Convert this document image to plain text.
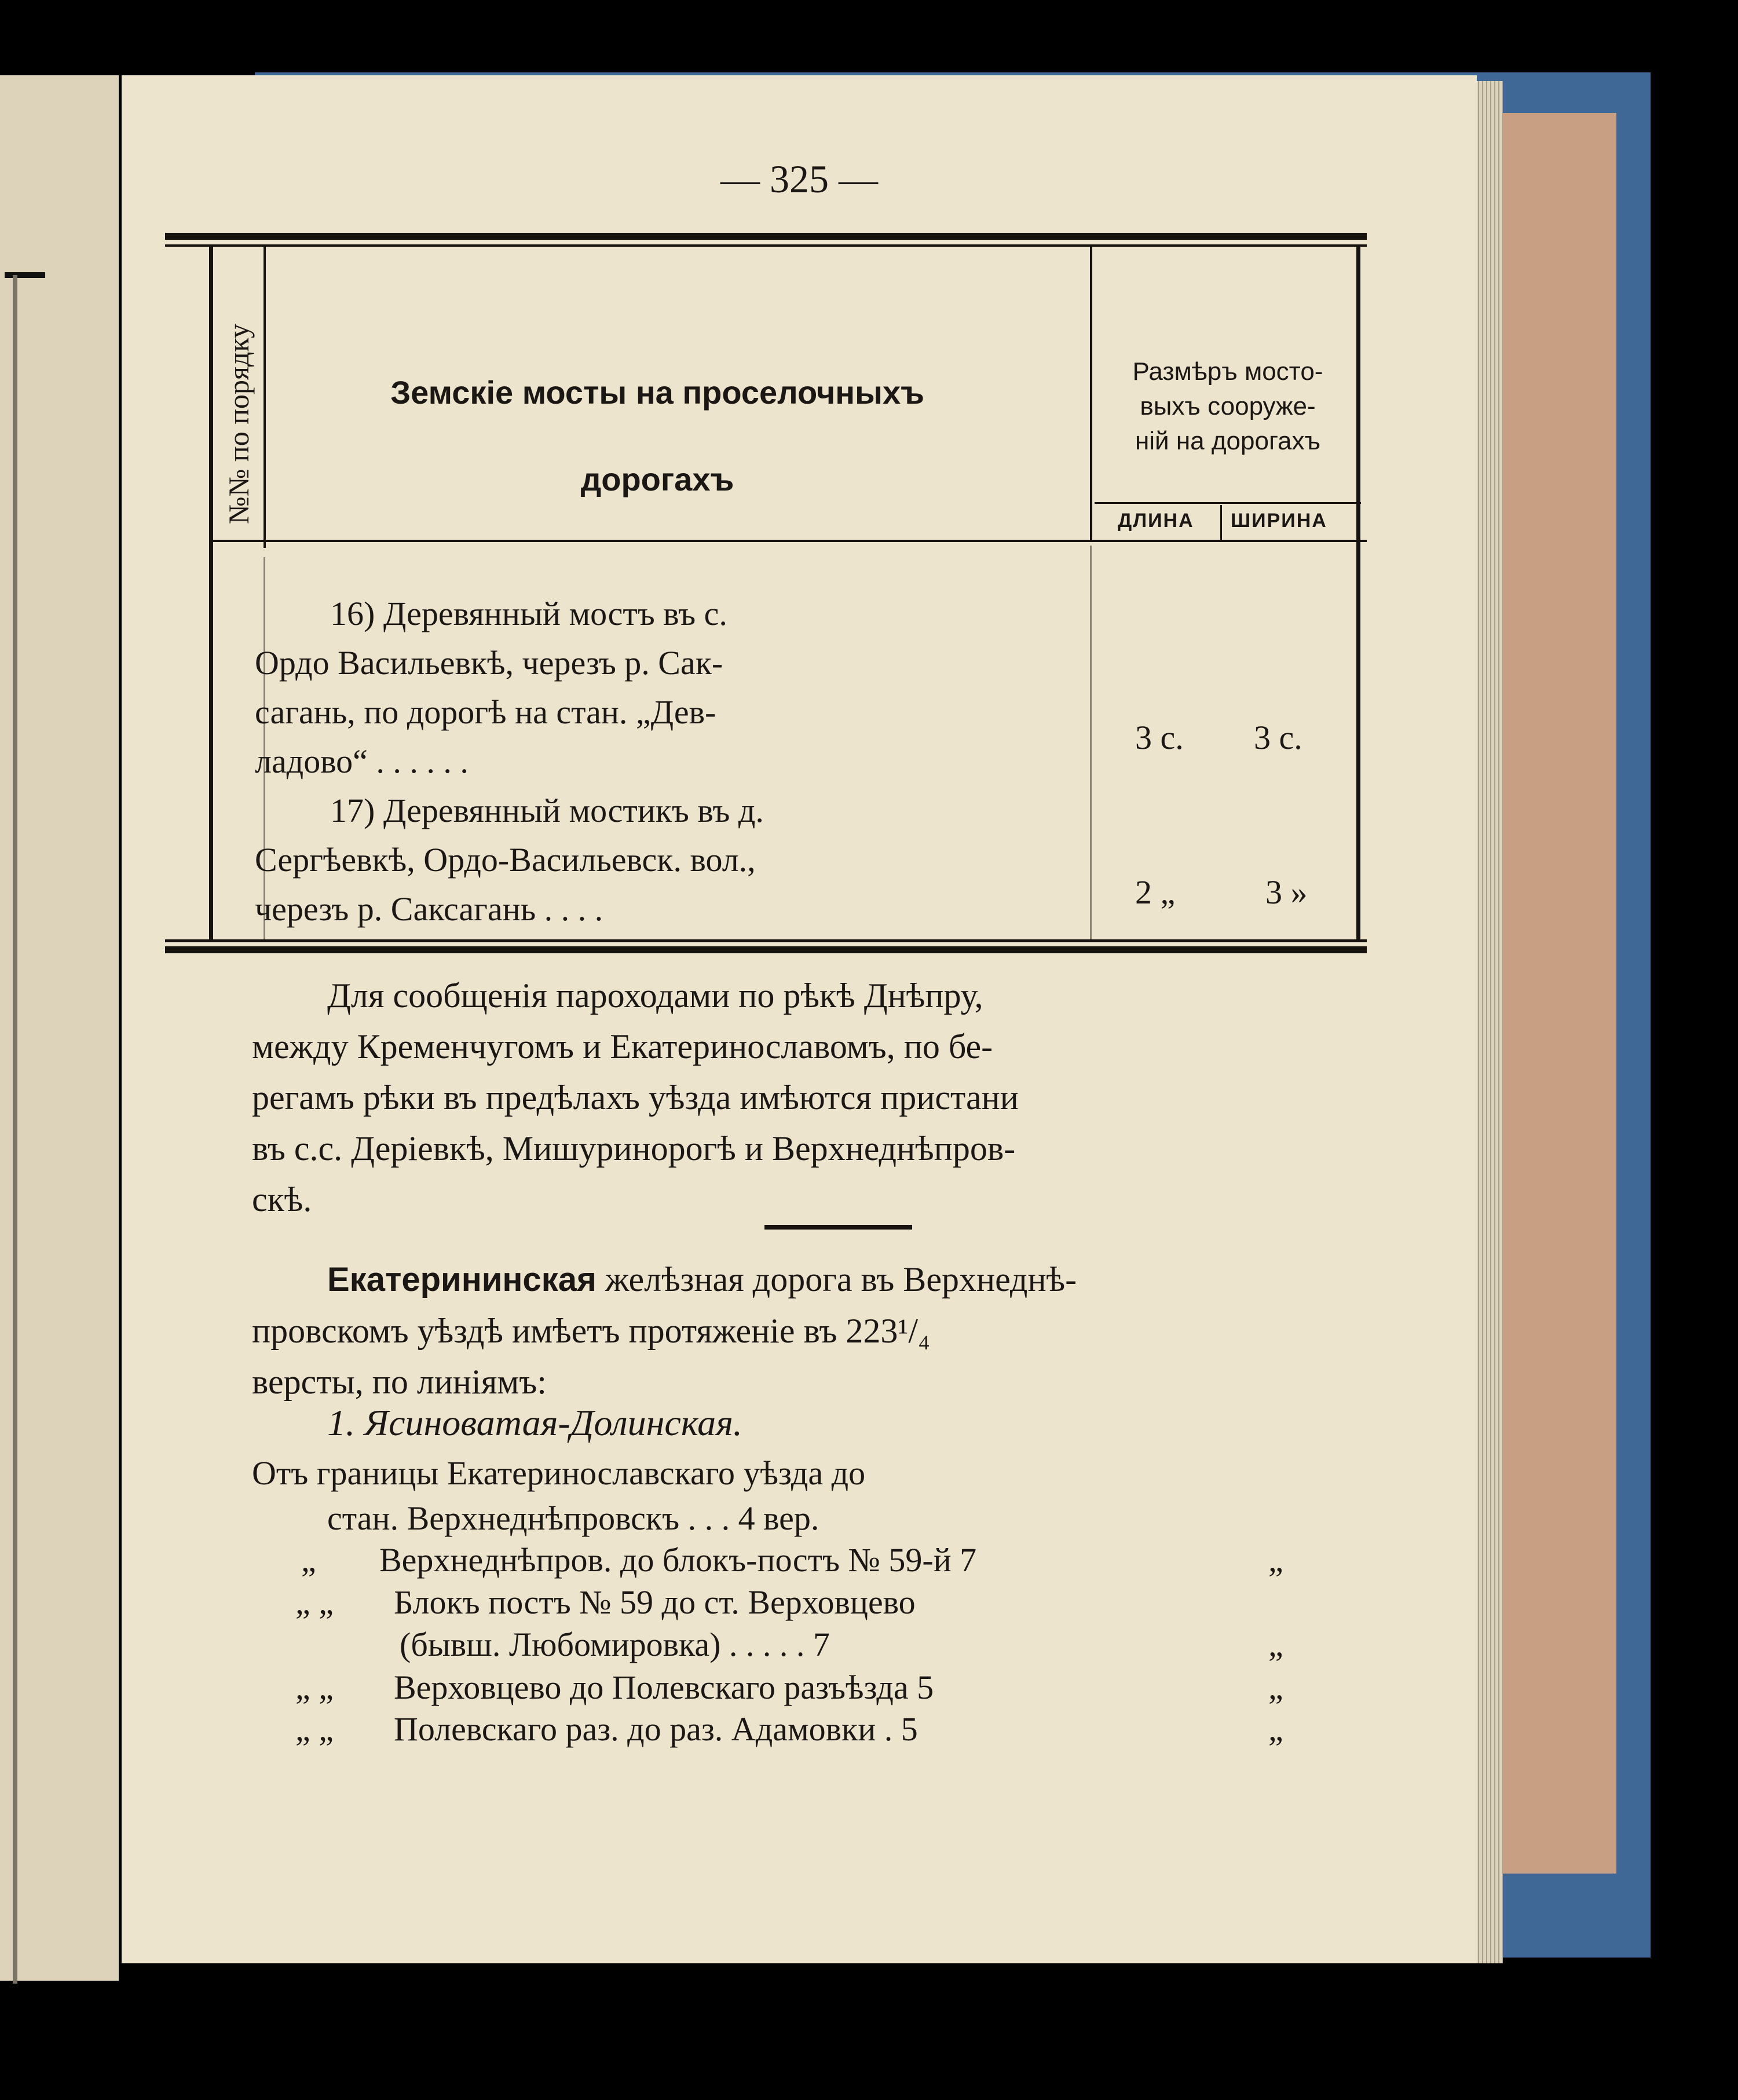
— 325 —
№№ по порядку	Земскіе мосты на проселочныхъ
дорогахъ
Размѣръ мосто-
выхъ сооруже-
ній на дорогахъ
ДЛИНА ШИРИНА
16) Деревянный мостъ въ с.
Ордо Васильевкѣ, черезъ р. Сак-
сагань, по дорогѣ на стан. „Дев-
ладово“ . . . . . .
3 с. 3 с.
17) Деревянный мостикъ въ д.
Сергѣевкѣ, Ордо-Васильевск. вол.,
черезъ р. Саксагань . . . .	2 „	3 »
Для сообщенія пароходами по рѣкѣ Днѣпру,
между Кременчугомъ и Екатеринославомъ, по бе-
регамъ рѣки въ предѣлахъ уѣзда имѣются пристани
въ с.с. Деріевкѣ, Мишуринорогѣ и Верхнеднѣпров-
скѣ.
Екатерининская желѣзная дорога въ Верхнеднѣ-
провскомъ уѣздѣ имѣетъ протяженіе въ 223¹/₄
версты, по линіямъ:
1. Ясиноватая-Долинская.
Отъ границы Екатеринославскаго уѣзда до
стан. Верхнеднѣпровскъ . . . 4 вер.
„ Верхнеднѣпров. до блокъ-постъ № 59-й 7	„
„ „ Блокъ постъ № 59 до ст. Верховцево
(бывш. Любомировка) . . . . . 7	„
„ „ Верховцево до Полевскаго разъѣзда 5	„
„ „ Полевскаго раз. до раз. Адамовки . 5	„
